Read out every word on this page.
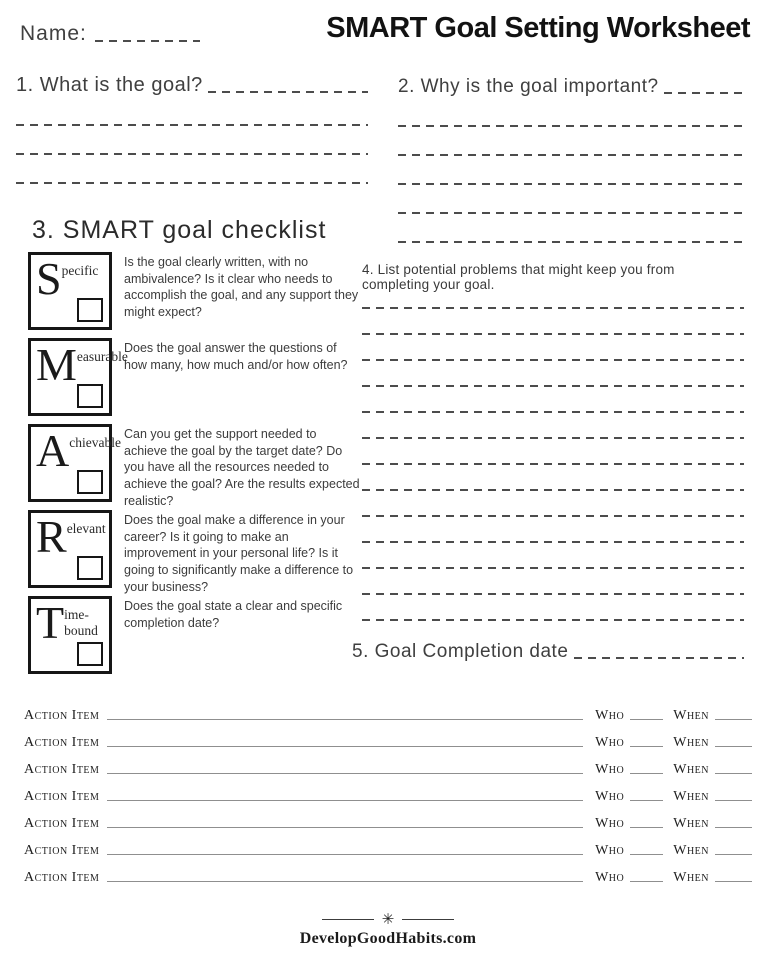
Name:	SMART Goal Setting Worksheet
1. What is the goal?	2. Why is the goal important?
3. SMART goal checklist
S pecific

Is the goal clearly written, with no ambivalence? Is it clear who needs to accomplish the goal, and any support they might expect?

M easurable

Does the goal answer the questions of how many, how much and/or how often?

A chievable

Can you get the support needed to achieve the goal by the target date? Do you have all the resources needed to achieve the goal? Are the results expected realistic?

R elevant

Does the goal make a difference in your career? Is it going to make an improvement in your personal life? Is it going to significantly make a difference to your business?

T ime-bound

Does the goal state a clear and specific completion date?

4. List potential problems that might keep you from completing your goal.
5. Goal Completion date
Action Item	Who	When
Action Item	Who	When
Action Item	Who	When
Action Item	Who	When
Action Item	Who	When
Action Item	Who	When
Action Item	Who	When
✳
DevelopGoodHabits.com
